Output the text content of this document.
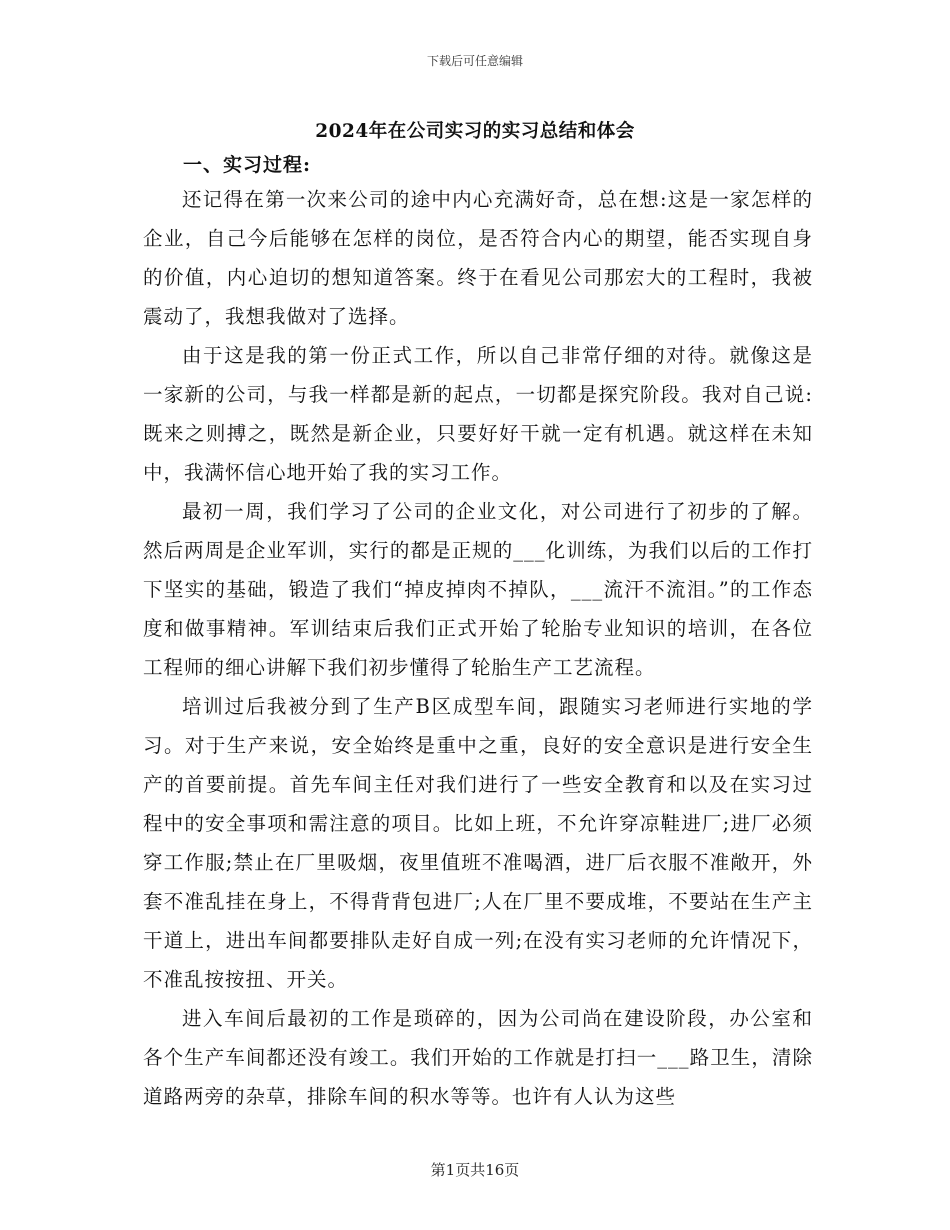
下载后可任意编辑
2024年在公司实习的实习总结和体会
一、实习过程:

还记得在第一次来公司的途中内心充满好奇，总在想:这是一家怎样的企业，自己今后能够在怎样的岗位，是否符合内心的期望，能否实现自身的价值，内心迫切的想知道答案。终于在看见公司那宏大的工程时，我被震动了，我想我做对了选择。

由于这是我的第一份正式工作，所以自己非常仔细的对待。就像这是一家新的公司，与我一样都是新的起点，一切都是探究阶段。我对自己说:既来之则搏之，既然是新企业，只要好好干就一定有机遇。就这样在未知中，我满怀信心地开始了我的实习工作。

最初一周，我们学习了公司的企业文化，对公司进行了初步的了解。然后两周是企业军训，实行的都是正规的___化训练，为我们以后的工作打下坚实的基础，锻造了我们“掉皮掉肉不掉队，___流汗不流泪。”的工作态度和做事精神。军训结束后我们正式开始了轮胎专业知识的培训，在各位工程师的细心讲解下我们初步懂得了轮胎生产工艺流程。

培训过后我被分到了生产B区成型车间，跟随实习老师进行实地的学习。对于生产来说，安全始终是重中之重，良好的安全意识是进行安全生产的首要前提。首先车间主任对我们进行了一些安全教育和以及在实习过程中的安全事项和需注意的项目。比如上班，不允许穿凉鞋进厂;进厂必须穿工作服;禁止在厂里吸烟，夜里值班不准喝酒，进厂后衣服不准敞开，外套不准乱挂在身上，不得背背包进厂;人在厂里不要成堆，不要站在生产主干道上，进出车间都要排队走好自成一列;在没有实习老师的允许情况下，不准乱按按扭、开关。

进入车间后最初的工作是琐碎的，因为公司尚在建设阶段，办公室和各个生产车间都还没有竣工。我们开始的工作就是打扫一___路卫生，清除道路两旁的杂草，排除车间的积水等等。也许有人认为这些

第1页共16页
